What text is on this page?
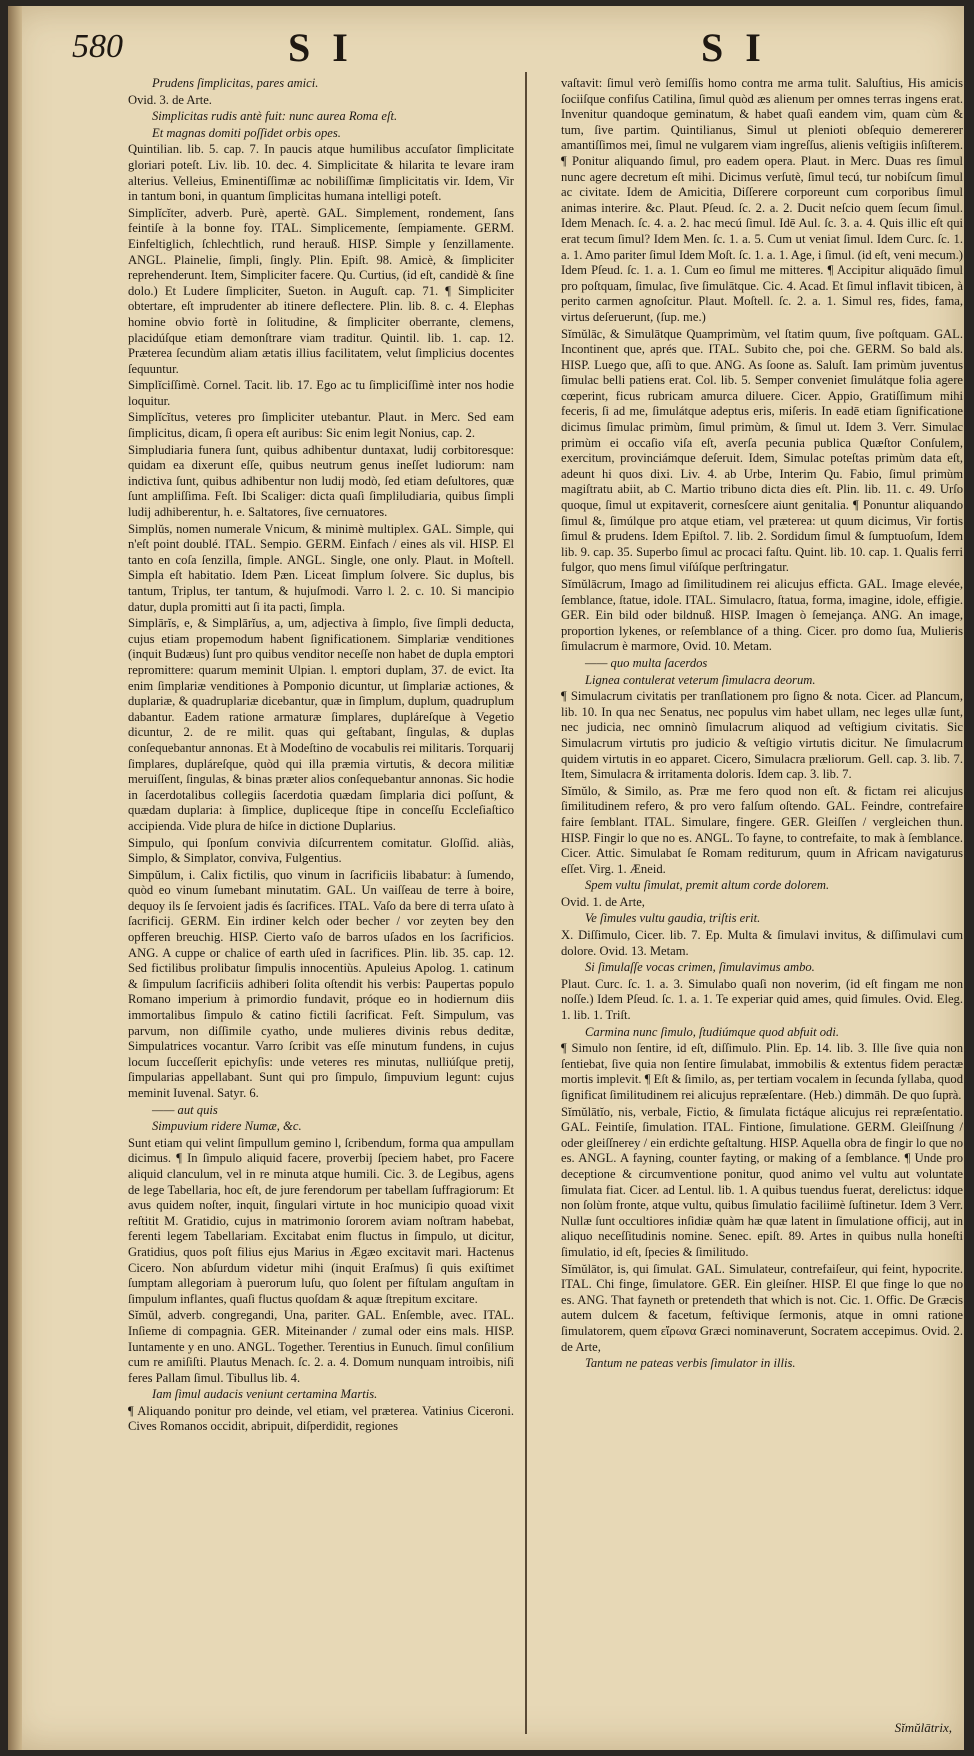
580	S I	S I

Prudens ſimplicitas, pares amici.

Ovid. 3. de Arte.

Simplicitas rudis antè fuit: nunc aurea Roma eſt.

Et magnas domiti poſſidet orbis opes.

Quintilian. lib. 5. cap. 7. In paucis atque humilibus accuſator ſimplicitate gloriari poteſt. Liv. lib. 10. dec. 4. Simplicitate & hilarita te levare iram alterius. Velleius, Eminentiſſimæ ac nobiliſſimæ ſimplicitatis vir. Idem, Vir in tantum boni, in quantum ſimplicitas humana intelligi poteſt.

Simplĭcĭter, adverb. Purè, apertè. GAL. Simplement, rondement, ſans feintiſe à la bonne foy. ITAL. Simplicemente, ſempiamente. GERM. Einfeltiglich, ſchlechtlich, rund herauß. HISP. Simple y ſenzillamente. ANGL. Plainelie, ſimpli, ſingly. Plin. Epiſt. 98. Amicè, & ſimpliciter reprehenderunt. Item, Simpliciter facere. Qu. Curtius, (id eſt, candidè & ſine dolo.) Et Ludere ſimpliciter, Sueton. in Auguſt. cap. 71. ¶ Simpliciter obtertare, eſt imprudenter ab itinere deflectere. Plin. lib. 8. c. 4. Elephas homine obvio fortè in ſolitudine, & ſimpliciter oberrante, clemens, placidúſque etiam demonſtrare viam traditur. Quintil. lib. 1. cap. 12. Præterea ſecundùm aliam ætatis illius facilitatem, velut ſimplicius docentes ſequuntur.

Simplĭciſſimè. Cornel. Tacit. lib. 17. Ego ac tu ſimpliciſſimè inter nos hodie loquitur.

Simplĭcĭtus, veteres pro ſimpliciter utebantur. Plaut. in Merc. Sed eam ſimplicitus, dicam, ſi opera eſt auribus: Sic enim legit Nonius, cap. 2.

Simpludiaria funera ſunt, quibus adhibentur duntaxat, ludij corbitoresque: quidam ea dixerunt eſſe, quibus neutrum genus ineſſet ludiorum: nam indictiva ſunt, quibus adhibentur non ludij modò, ſed etiam deſultores, quæ ſunt ampliſſima. Feſt. Ibi Scaliger: dicta quaſi ſimpliludiaria, quibus ſimpli ludij adhiberentur, h. e. Saltatores, ſive cernuatores.

Simplŭs, nomen numerale Vnicum, & minimè multiplex. GAL. Simple, qui n'eſt point doublé. ITAL. Sempio. GERM. Einfach / eines als vil. HISP. El tanto en coſa ſenzilla, ſimple. ANGL. Single, one only. Plaut. in Moſtell. Simpla eſt habitatio. Idem Pæn. Liceat ſimplum ſolvere. Sic duplus, bis tantum, Triplus, ter tantum, & hujuſmodi. Varro l. 2. c. 10. Si mancipio datur, dupla promitti aut ſi ita pacti, ſimpla.

Simplārĭs, e, & Simplārĭus, a, um, adjectiva à ſimplo, ſive ſimpli deducta, cujus etiam propemodum habent ſignificationem. Simplariæ venditiones (inquit Budæus) ſunt pro quibus venditor neceſſe non habet de dupla emptori repromittere: quarum meminit Ulpian. l. emptori duplam, 37. de evict. Ita enim ſimplariæ venditiones à Pomponio dicuntur, ut ſimplariæ actiones, & duplariæ, & quadruplariæ dicebantur, quæ in ſimplum, duplum, quadruplum dabantur. Eadem ratione armaturæ ſimplares, dupláreſque à Vegetio dicuntur, 2. de re milit. quas qui geſtabant, ſingulas, & duplas conſequebantur annonas. Et à Modeſtino de vocabulis rei militaris. Torquarij ſimplares, dupláreſque, quòd qui illa præmia virtutis, & decora militiæ meruiſſent, ſingulas, & binas præter alios conſequebantur annonas. Sic hodie in ſacerdotalibus collegiis ſacerdotia quædam ſimplaria dici poſſunt, & quædam duplaria: à ſimplice, dupliceque ſtipe in conceſſu Eccleſiaſtico accipienda. Vide plura de hiſce in dictione Duplarius.

Simpulo, qui ſponſum convivia diſcurrentem comitatur. Gloſſid. aliàs, Simplo, & Simplator, conviva, Fulgentius.

Simpŭlum, i. Calix fictilis, quo vinum in ſacrificiis libabatur: à ſumendo, quòd eo vinum ſumebant minutatim. GAL. Un vaiſſeau de terre à boire, dequoy ils ſe ſervoient jadis és ſacrifices. ITAL. Vaſo da bere di terra uſato à ſacrificij. GERM. Ein irdiner kelch oder becher / vor zeyten bey den opfferen breuchig. HISP. Cierto vaſo de barros uſados en los ſacrificios. ANG. A cuppe or chalice of earth uſed in ſacrifices. Plin. lib. 35. cap. 12. Sed fictilibus prolibatur ſimpulis innocentiùs. Apuleius Apolog. 1. catinum & ſimpulum ſacrificiis adhiberi ſolita oſtendit his verbis: Paupertas populo Romano imperium à primordio fundavit, próque eo in hodiernum diis immortalibus ſimpulo & catino fictili ſacrificat. Feſt. Simpulum, vas parvum, non diſſimile cyatho, unde mulieres divinis rebus deditæ, Simpulatrices vocantur. Varro ſcribit vas eſſe minutum fundens, in cujus locum ſucceſſerit epichyſis: unde veteres res minutas, nulliúſque pretij, ſimpularias appellabant. Sunt qui pro ſimpulo, ſimpuvium legunt: cujus meminit Iuvenal. Satyr. 6.

—— aut quis

Simpuvium ridere Numæ, &c.

Sunt etiam qui velint ſimpullum gemino l, ſcribendum, forma qua ampullam dicimus. ¶ In ſimpulo aliquid facere, proverbij ſpeciem habet, pro Facere aliquid clanculum, vel in re minuta atque humili. Cic. 3. de Legibus, agens de lege Tabellaria, hoc eſt, de jure ferendorum per tabellam ſuffragiorum: Et avus quidem noſter, inquit, ſingulari virtute in hoc municipio quoad vixit reſtitit M. Gratidio, cujus in matrimonio ſororem aviam noſtram habebat, ferenti legem Tabellariam. Excitabat enim fluctus in ſimpulo, ut dicitur, Gratidius, quos poſt filius ejus Marius in Ægæo excitavit mari. Hactenus Cicero. Non abſurdum videtur mihi (inquit Eraſmus) ſi quis exiſtimet ſumptam allegoriam à puerorum luſu, quo ſolent per fiſtulam anguſtam in ſimpulum inflantes, quaſi fluctus quoſdam & aquæ ſtrepitum excitare.

Sĭmŭl, adverb. congregandi, Una, pariter. GAL. Enſemble, avec. ITAL. Inſieme di compagnia. GER. Miteinander / zumal oder eins mals. HISP. Iuntamente y en uno. ANGL. Together. Terentius in Eunuch. ſimul conſilium cum re amiſiſti. Plautus Menach. ſc. 2. a. 4. Domum nunquam introibis, niſi feres Pallam ſimul. Tibullus lib. 4.

Iam ſimul audacis veniunt certamina Martis.

¶ Aliquando ponitur pro deinde, vel etiam, vel præterea. Vatinius Ciceroni. Cives Romanos occidit, abripuit, diſperdidit, regiones

vaſtavit: ſimul verò ſemiſſis homo contra me arma tulit. Saluſtius, His amicis ſociiſque confiſus Catilina, ſimul quòd æs alienum per omnes terras ingens erat. Invenitur quandoque geminatum, & habet quaſi eandem vim, quam cùm & tum, ſive partim. Quintilianus, Simul ut plenioti obſequio demererer amantiſſimos mei, ſimul ne vulgarem viam ingreſſus, alienis veſtigiis inſiſterem. ¶ Ponitur aliquando ſimul, pro eadem opera. Plaut. in Merc. Duas res ſimul nunc agere decretum eſt mihi. Dicimus verſutè, ſimul tecú, tur nobiſcum ſimul ac civitate. Idem de Amicitia, Diſſerere corporeunt cum corporibus ſimul animas interire. &c. Plaut. Pſeud. ſc. 2. a. 2. Ducit neſcio quem ſecum ſimul. Idem Menach. ſc. 4. a. 2. hac mecú ſimul. Idē Aul. ſc. 3. a. 4. Quis illic eſt qui erat tecum ſimul? Idem Men. ſc. 1. a. 5. Cum ut veniat ſimul. Idem Curc. ſc. 1. a. 1. Amo pariter ſimul Idem Moſt. ſc. 1. a. 1. Age, i ſimul. (id eſt, veni mecum.) Idem Pſeud. ſc. 1. a. 1. Cum eo ſimul me mitteres. ¶ Accipitur aliquādo ſimul pro poſtquam, ſimulac, ſive ſimulātque. Cic. 4. Acad. Et ſimul inflavit tibicen, à perito carmen agnoſcitur. Plaut. Moſtell. ſc. 2. a. 1. Simul res, fides, fama, virtus deſeruerunt, (ſup. me.)

Sĭmŭlāc, & Simulātque Quamprimùm, vel ſtatim quum, ſive poſtquam. GAL. Incontinent que, aprés que. ITAL. Subito che, poi che. GERM. So bald als. HISP. Luego que, aſſi to que. ANG. As ſoone as. Saluſt. Iam primùm juventus ſimulac belli patiens erat. Col. lib. 5. Semper conveniet ſimulátque folia agere cœperint, ficus rubricam amurca diluere. Cicer. Appio, Gratiſſimum mihi feceris, ſi ad me, ſimulátque adeptus eris, miſeris. In eadē etiam ſignificatione dicimus ſimulac primùm, ſimul primùm, & ſimul ut. Idem 3. Verr. Simulac primùm ei occaſio viſa eſt, averſa pecunia publica Quæſtor Conſulem, exercitum, provinciámque deſeruit. Idem, Simulac poteſtas primùm data eſt, adeunt hi quos dixi. Liv. 4. ab Urbe, Interim Qu. Fabio, ſimul primùm magiſtratu abiit, ab C. Martio tribuno dicta dies eſt. Plin. lib. 11. c. 49. Urſo quoque, ſimul ut expitaverit, cornesſcere aiunt genitalia. ¶ Ponuntur aliquando ſimul &, ſimúlque pro atque etiam, vel præterea: ut quum dicimus, Vir fortis ſimul & prudens. Idem Epiſtol. 7. lib. 2. Sordidum ſimul & ſumptuoſum, Idem lib. 9. cap. 35. Superbo ſimul ac procaci faſtu. Quint. lib. 10. cap. 1. Qualis ferri fulgor, quo mens ſimul viſúſque perſtringatur.

Sĭmŭlācrum, Imago ad ſimilitudinem rei alicujus efficta. GAL. Image elevée, ſemblance, ſtatue, idole. ITAL. Simulacro, ſtatua, forma, imagine, idole, effigie. GER. Ein bild oder bildnuß. HISP. Imagen ò ſemejança. ANG. An image, proportion lykenes, or reſemblance of a thing. Cicer. pro domo ſua, Mulieris ſimulacrum è marmore, Ovid. 10. Metam.

—— quo multa ſacerdos

Lignea contulerat veterum ſimulacra deorum.

¶ Simulacrum civitatis per tranſlationem pro ſigno & nota. Cicer. ad Plancum, lib. 10. In qua nec Senatus, nec populus vim habet ullam, nec leges ullæ ſunt, nec judicia, nec omninò ſimulacrum aliquod ad veſtigium civitatis. Sic Simulacrum virtutis pro judicio & veſtigio virtutis dicitur. Ne ſimulacrum quidem virtutis in eo apparet. Cicero, Simulacra præliorum. Gell. cap. 3. lib. 7. Item, Simulacra & irritamenta doloris. Idem cap. 3. lib. 7.

Sĭmŭlo, & Similo, as. Præ me fero quod non eſt. & fictam rei alicujus ſimilitudinem refero, & pro vero falſum oſtendo. GAL. Feindre, contrefaire faire ſemblant. ITAL. Simulare, fingere. GER. Gleiſſen / vergleichen thun. HISP. Fingir lo que no es. ANGL. To fayne, to contrefaite, to mak à ſemblance. Cicer. Attic. Simulabat ſe Romam rediturum, quum in Africam navigaturus eſſet. Virg. 1. Æneid.

Spem vultu ſimulat, premit altum corde dolorem.

Ovid. 1. de Arte,

Ve ſimules vultu gaudia, triſtis erit.

X. Diſſimulo, Cicer. lib. 7. Ep. Multa & ſimulavi invitus, & diſſimulavi cum dolore. Ovid. 13. Metam.

Si ſimulaſſe vocas crimen, ſimulavimus ambo.

Plaut. Curc. ſc. 1. a. 3. Simulabo quaſi non noverim, (id eſt fingam me non noſſe.) Idem Pſeud. ſc. 1. a. 1. Te experiar quid ames, quid ſimules. Ovid. Eleg. 1. lib. 1. Triſt.

Carmina nunc ſimulo, ſtudiúmque quod abfuit odi.

¶ Simulo non ſentire, id eſt, diſſimulo. Plin. Ep. 14. lib. 3. Ille ſive quia non ſentiebat, ſive quia non ſentire ſimulabat, immobilis & extentus fidem peractæ mortis implevit. ¶ Eſt & ſimilo, as, per tertiam vocalem in ſecunda ſyllaba, quod ſignificat ſimilitudinem rei alicujus repræſentare. (Heb.) dimmāh. De quo ſuprà.

Sĭmŭlātĭo, nis, verbale, Fictio, & ſimulata fictáque alicujus rei repræſentatio. GAL. Feintiſe, ſimulation. ITAL. Fintione, ſimulatione. GERM. Gleiſſnung / oder gleiſſnerey / ein erdichte geſtaltung. HISP. Aquella obra de fingir lo que no es. ANGL. A fayning, counter fayting, or making of a ſemblance. ¶ Unde pro deceptione & circumventione ponitur, quod animo vel vultu aut voluntate ſimulata fiat. Cicer. ad Lentul. lib. 1. A quibus tuendus fuerat, derelictus: idque non ſolùm fronte, atque vultu, quibus ſimulatio faciliimè ſuſtinetur. Idem 3 Verr. Nullæ ſunt occultiores inſidiæ quàm hæ quæ latent in ſimulatione officij, aut in aliquo neceſſitudinis nomine. Senec. epiſt. 89. Artes in quibus nulla honeſti ſimulatio, id eſt, ſpecies & ſimilitudo.

Sĭmŭlātor, is, qui ſimulat. GAL. Simulateur, contrefaiſeur, qui feint, hypocrite. ITAL. Chi finge, ſimulatore. GER. Ein gleiſner. HISP. El que finge lo que no es. ANG. That fayneth or pretendeth that which is not. Cic. 1. Offic. De Græcis autem dulcem & facetum, feſtivique ſermonis, atque in omni ratione ſimulatorem, quem εἴρωνα Græci nominaverunt, Socratem accepimus. Ovid. 2. de Arte,

Tantum ne pateas verbis ſimulator in illis.

Sĭmŭlātrix,
